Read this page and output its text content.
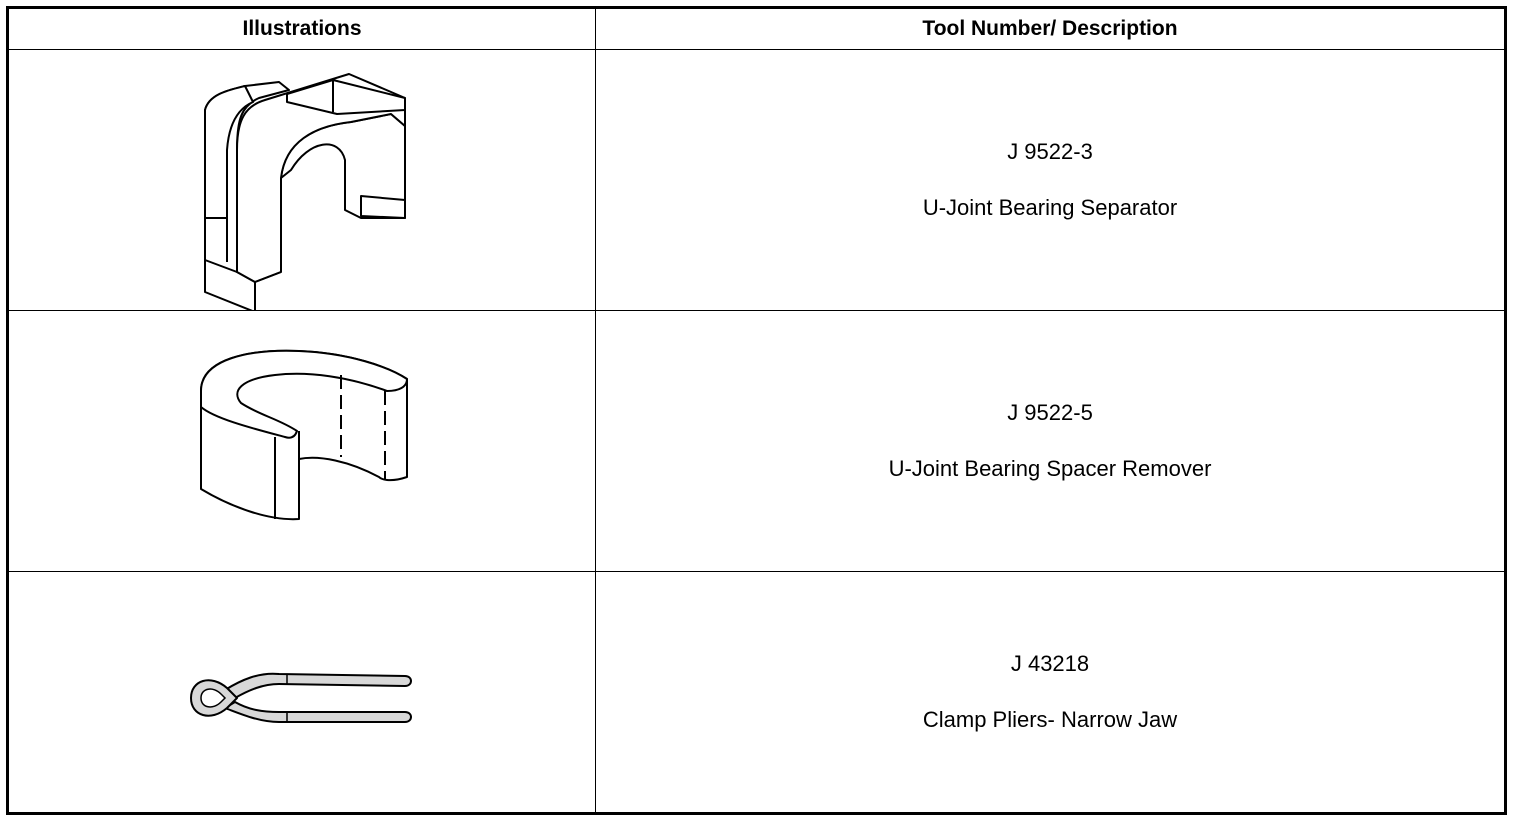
Illustrations	Tool Number/ Description

J 9522-3
U-Joint Bearing Separator

J 9522-5
U-Joint Bearing Spacer Remover

J 43218
Clamp Pliers- Narrow Jaw
